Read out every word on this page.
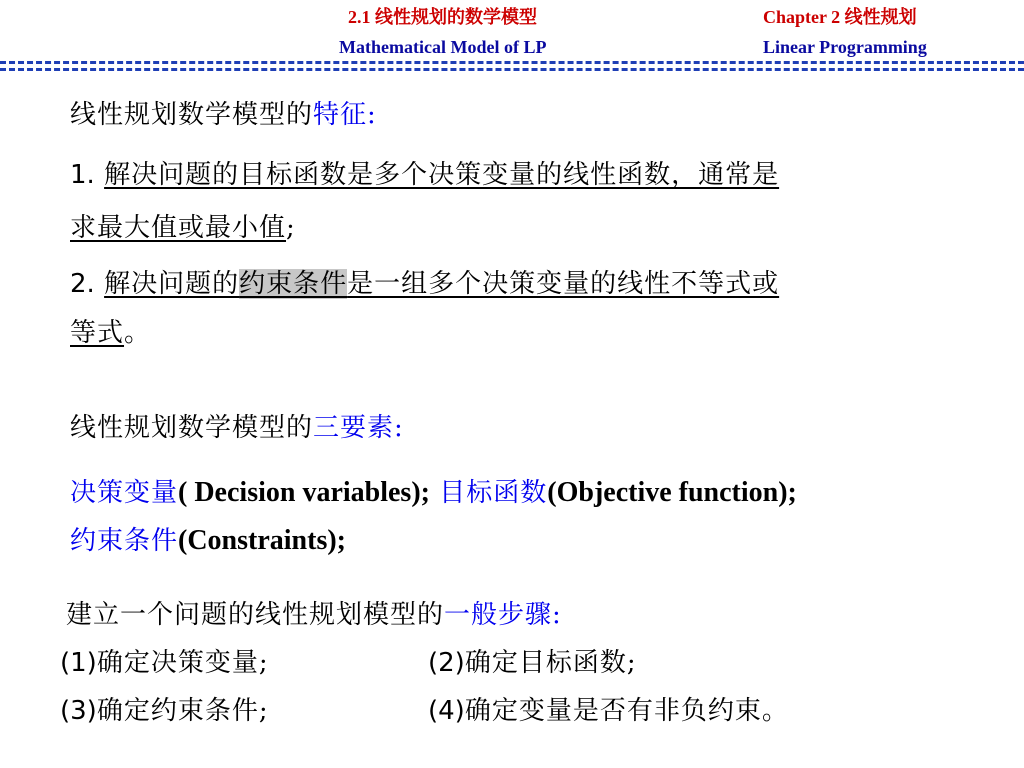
2.1 线性规划的数学模型
Mathematical Model of LP
Chapter 2 线性规划
Linear Programming
线性规划数学模型的特征:
1. 解决问题的目标函数是多个决策变量的线性函数，通常是
求最大值或最小值;
2. 解决问题的约束条件是一组多个决策变量的线性不等式或
等式。
线性规划数学模型的三要素:
决策变量( Decision variables); 目标函数(Objective function);
约束条件(Constraints);
建立一个问题的线性规划模型的一般步骤:
(1)确定决策变量;	(2)确定目标函数;
(3)确定约束条件;	(4)确定变量是否有非负约束。
